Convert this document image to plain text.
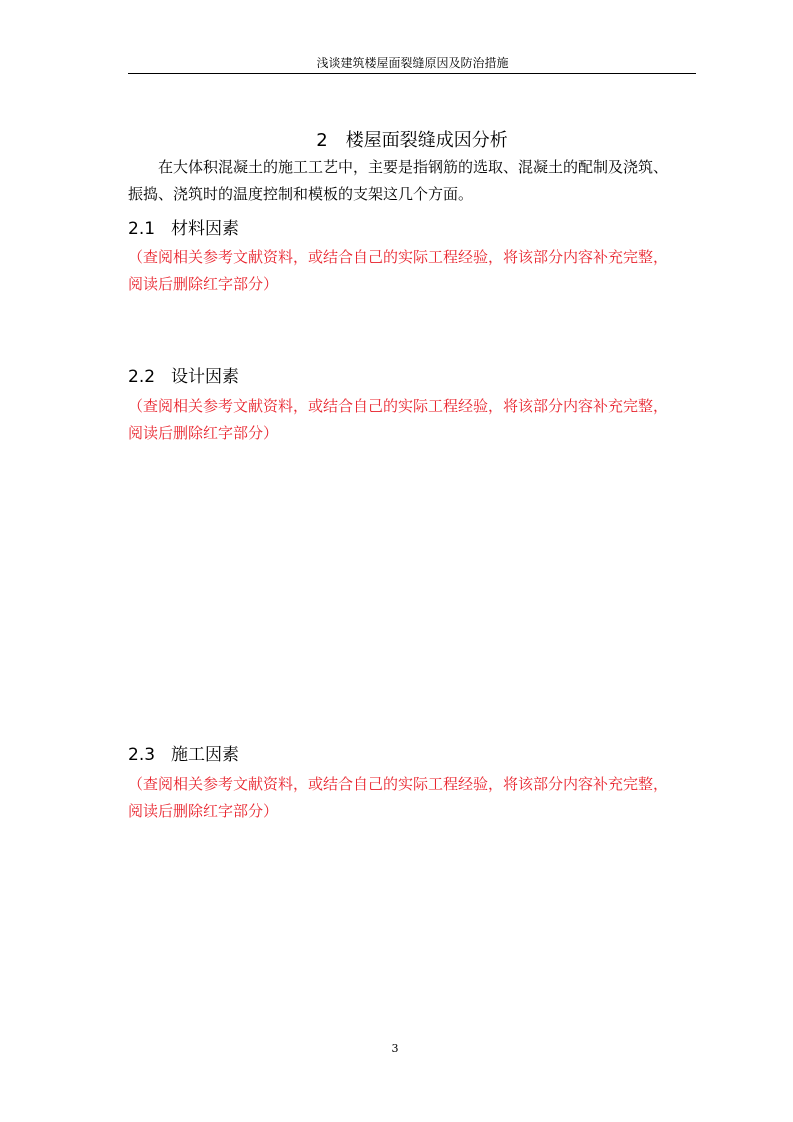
浅谈建筑楼屋面裂缝原因及防治措施
2 楼屋面裂缝成因分析
在大体积混凝土的施工工艺中，主要是指钢筋的选取、混凝土的配制及浇筑、
振捣、浇筑时的温度控制和模板的支架这几个方面。
2.1 材料因素
（查阅相关参考文献资料，或结合自己的实际工程经验，将该部分内容补充完整，
阅读后删除红字部分）
2.2 设计因素
（查阅相关参考文献资料，或结合自己的实际工程经验，将该部分内容补充完整，
阅读后删除红字部分）
2.3 施工因素
（查阅相关参考文献资料，或结合自己的实际工程经验，将该部分内容补充完整，
阅读后删除红字部分）
3
